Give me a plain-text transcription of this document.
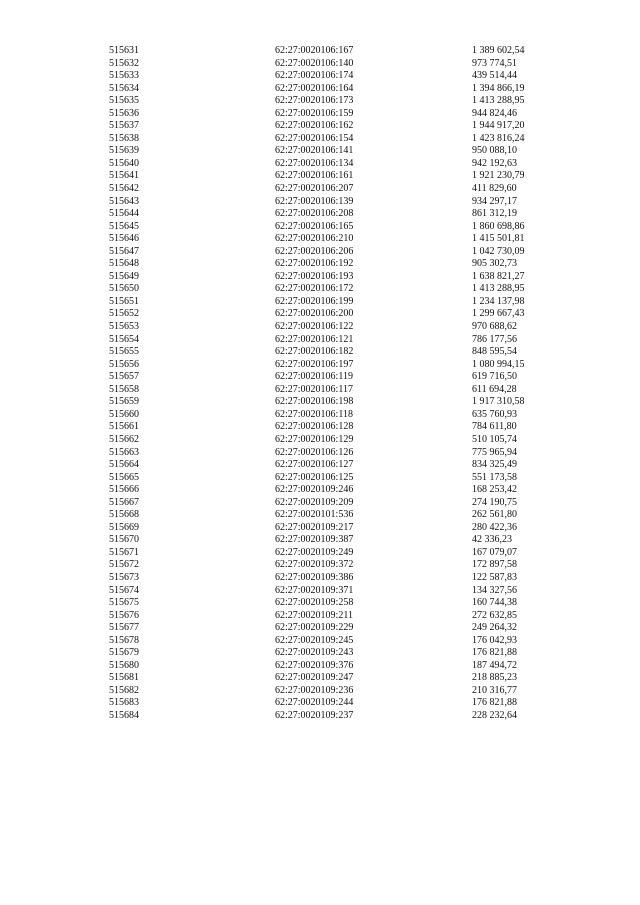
515631	62:27:0020106:167	1 389 602,54
515632	62:27:0020106:140	973 774,51
515633	62:27:0020106:174	439 514,44
515634	62:27:0020106:164	1 394 866,19
515635	62:27:0020106:173	1 413 288,95
515636	62:27:0020106:159	944 824,46
515637	62:27:0020106:162	1 944 917,20
515638	62:27:0020106:154	1 423 816,24
515639	62:27:0020106:141	950 088,10
515640	62:27:0020106:134	942 192,63
515641	62:27:0020106:161	1 921 230,79
515642	62:27:0020106:207	411 829,60
515643	62:27:0020106:139	934 297,17
515644	62:27:0020106:208	861 312,19
515645	62:27:0020106:165	1 860 698,86
515646	62:27:0020106:210	1 415 501,81
515647	62:27:0020106:206	1 042 730,09
515648	62:27:0020106:192	905 302,73
515649	62:27:0020106:193	1 638 821,27
515650	62:27:0020106:172	1 413 288,95
515651	62:27:0020106:199	1 234 137,98
515652	62:27:0020106:200	1 299 667,43
515653	62:27:0020106:122	970 688,62
515654	62:27:0020106:121	786 177,56
515655	62:27:0020106:182	848 595,54
515656	62:27:0020106:197	1 080 994,15
515657	62:27:0020106:119	619 716,50
515658	62:27:0020106:117	611 694,28
515659	62:27:0020106:198	1 917 310,58
515660	62:27:0020106:118	635 760,93
515661	62:27:0020106:128	784 611,80
515662	62:27:0020106:129	510 105,74
515663	62:27:0020106:126	775 965,94
515664	62:27:0020106:127	834 325,49
515665	62:27:0020106:125	551 173,58
515666	62:27:0020109:246	168 253,42
515667	62:27:0020109:209	274 190,75
515668	62:27:0020101:536	262 561,80
515669	62:27:0020109:217	280 422,36
515670	62:27:0020109:387	42 336,23
515671	62:27:0020109:249	167 079,07
515672	62:27:0020109:372	172 897,58
515673	62:27:0020109:386	122 587,83
515674	62:27:0020109:371	134 327,56
515675	62:27:0020109:258	160 744,38
515676	62:27:0020109:211	272 632,85
515677	62:27:0020109:229	249 264,32
515678	62:27:0020109:245	176 042,93
515679	62:27:0020109:243	176 821,88
515680	62:27:0020109:376	187 494,72
515681	62:27:0020109:247	218 885,23
515682	62:27:0020109:236	210 316,77
515683	62:27:0020109:244	176 821,88
515684	62:27:0020109:237	228 232,64
